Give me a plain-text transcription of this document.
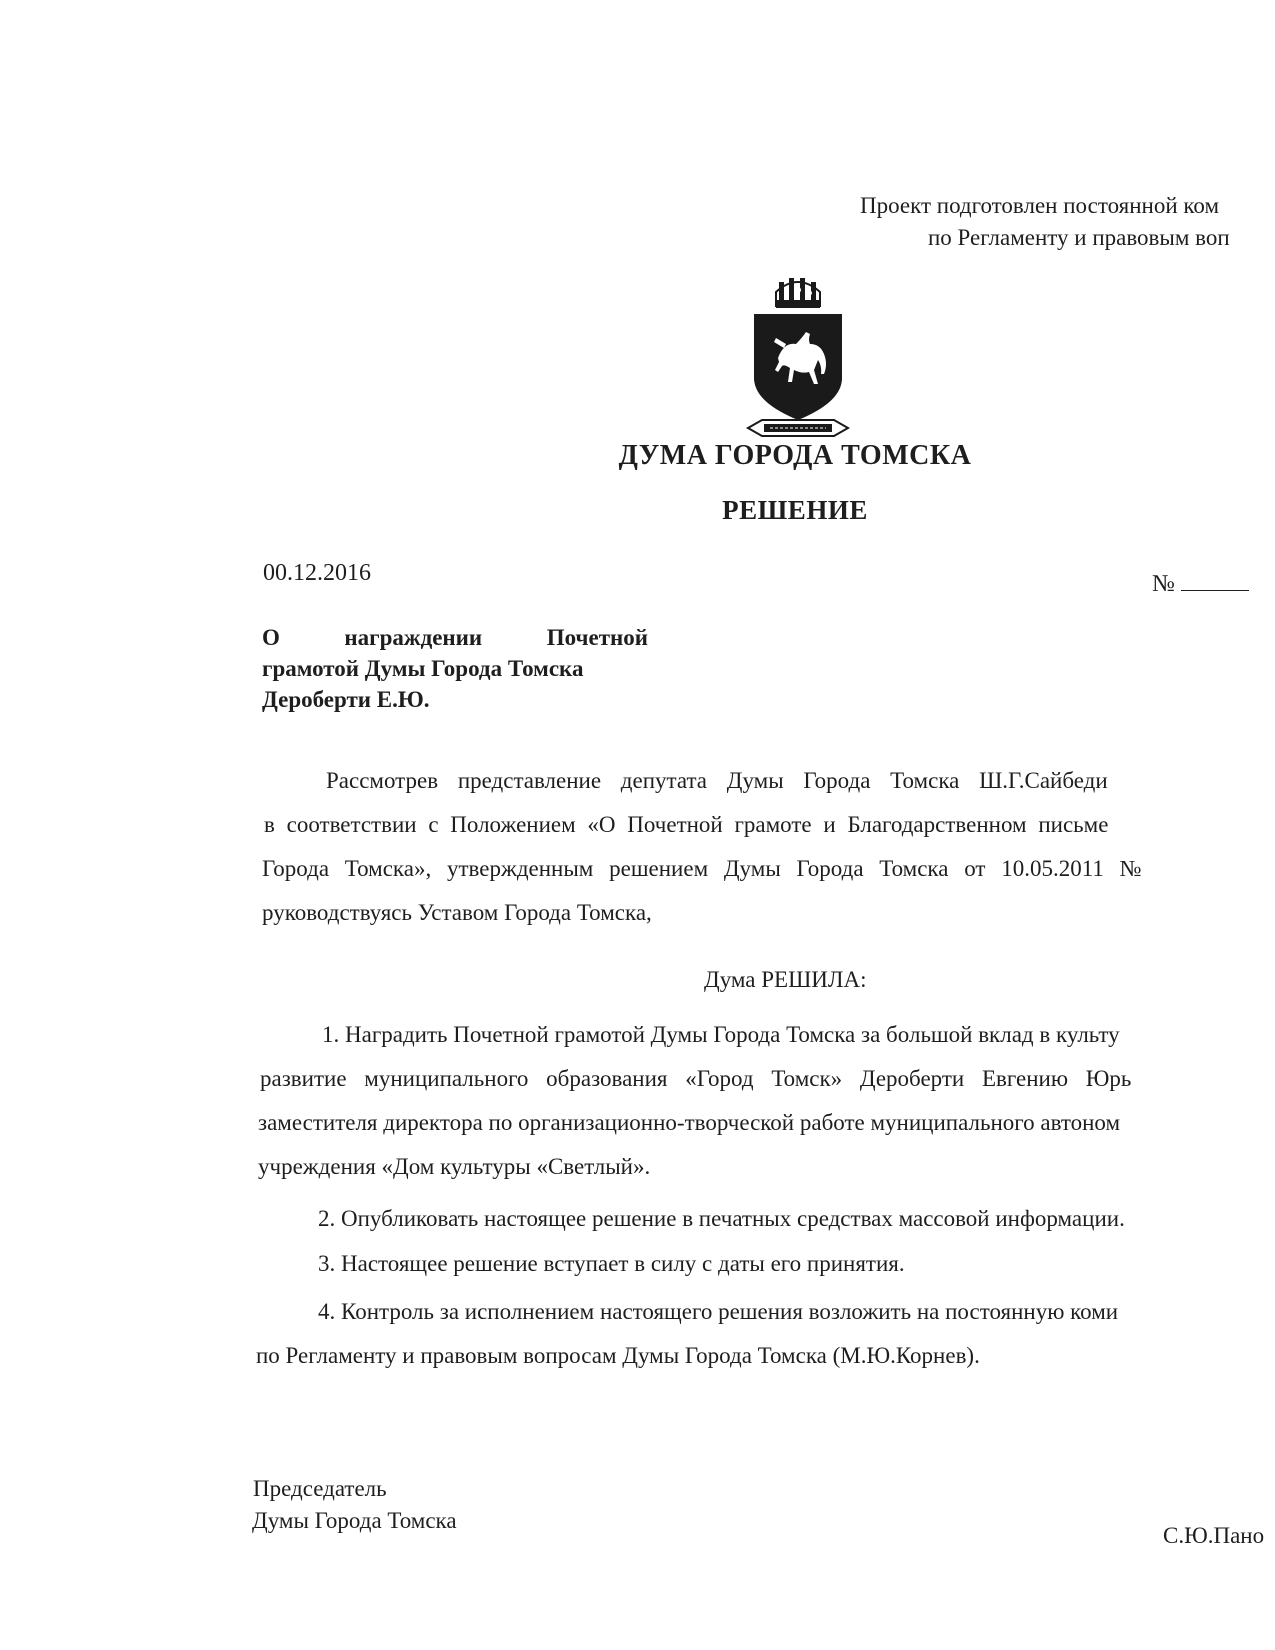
Проект подготовлен постоянной ком
по Регламенту и правовым воп
ДУМА ГОРОДА ТОМСКА
РЕШЕНИЕ
00.12.2016	№
О	награждении	Почетной
грамотой Думы Города Томска
Дероберти Е.Ю.
Рассмотрев представление депутата Думы Города Томска Ш.Г.Сайбеди
в соответствии с Положением «О Почетной грамоте и Благодарственном письме
Города Томска», утвержденным решением Думы Города Томска от 10.05.2011 №
руководствуясь Уставом Города Томска,
Дума РЕШИЛА:
1. Наградить Почетной грамотой Думы Города Томска за большой вклад в культу
развитие муниципального образования «Город Томск» Дероберти Евгению Юрь
заместителя директора по организационно-творческой работе муниципального автоном
учреждения «Дом культуры «Светлый».
2. Опубликовать настоящее решение в печатных средствах массовой информации.
3. Настоящее решение вступает в силу с даты его принятия.
4. Контроль за исполнением настоящего решения возложить на постоянную коми
по Регламенту и правовым вопросам Думы Города Томска (М.Ю.Корнев).
Председатель
Думы Города Томска
С.Ю.Пано
